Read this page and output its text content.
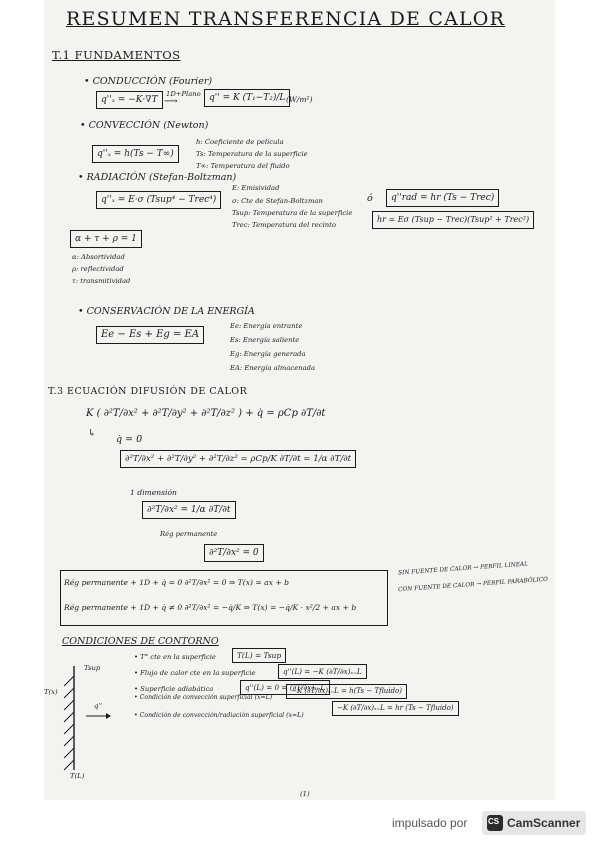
RESUMEN TRANSFERENCIA DE CALOR
T.1 FUNDAMENTOS
• CONDUCCIÓN (Fourier)
q''ₓ = −K·∇T
1D+Plano
⟶	q'' = K (T₁−T₂)/L (W/m²)
• CONVECCIÓN (Newton)
q''ₓ = h(Ts − T∞)
h: Coeficiente de película
Ts: Temperatura de la superficie
T∞: Temperatura del fluido
• RADIACIÓN (Stefan-Boltzman)
q''ₓ = E·σ (Tsup⁴ − Trec⁴)
E: Emisividad
σ: Cte de Stefan-Boltzman
Tsup: Temperatura de la superficie
Trec: Temperatura del recinto
ó	q''rad = hr (Ts − Trec)
hr = Eσ (Tsup − Trec)(Tsup² + Trec²)
α + τ + ρ = 1
α: Absortividad
ρ: reflectividad
τ: transmitividad
• CONSERVACIÓN DE LA ENERGÍA
Ee − Es + Eg = EA
Ee: Energía entrante
Es: Energía saliente
Eg: Energía generada
EA: Energía almacenada
T.3 ECUACIÓN DIFUSIÓN DE CALOR
K ( ∂²T/∂x² + ∂²T/∂y² + ∂²T/∂z² ) + q̇ = ρCp ∂T/∂t
↳
q̇ = 0
∂²T/∂x² + ∂²T/∂y² + ∂²T/∂z² = ρCp/K ∂T/∂t = 1/α ∂T/∂t
1 dimensión
∂²T/∂x² = 1/α ∂T/∂t
Rég permanente
∂²T/∂x² = 0
Rég permanente + 1D + q̇ = 0 ∂²T/∂x² = 0 ⇒ T(x) = ax + b
Rég permanente + 1D + q̇ ≠ 0 ∂²T/∂x² = −q̇/K ⇒ T(x) = −q̇/K · x²/2 + ax + b
SIN FUENTE DE CALOR → PERFIL LINEAL
CON FUENTE DE CALOR → PERFIL PARABÓLICO
CONDICIONES DE CONTORNO
• T° cte en la superficie	T(L) = Tsup
• Flujo de calor cte en la superficie	q''(L) = −K (∂T/∂x)ₓ₌L
• Superficie adiabática	q''(L) = 0 = (∂T/∂x)ₓ₌L
• Condición de convección superficial (x=L)
−K (∂T/∂x)ₓ₌L = h(Ts − Tfluido)
• Condición de convección/radiación superficial (x=L)
−K (∂T/∂x)ₓ₌L = hr (Ts − Tfluido)
Tsup
T(x)
q''
T(L)
(1)
impulsado por	CS CamScanner
